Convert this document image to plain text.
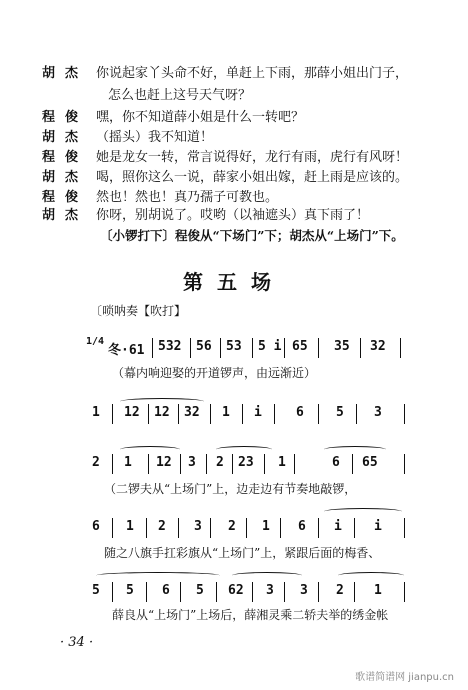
胡杰 你说起家丫头命不好，单赶上下雨，那薛小姐出门子，
怎么也赶上这号天气呀？
程俊 嘿，你不知道薛小姐是什么一转吧？
胡杰 （摇头）我不知道！
程俊 她是龙女一转，常言说得好，龙行有雨，虎行有风呀！
胡杰 喝，照你这么一说，薛家小姐出嫁，赶上雨是应该的。
程俊 然也！然也！真乃孺子可教也。
胡杰 你呀，别胡说了。哎哟（以袖遮头）真下雨了！
〔小锣打下〕程俊从“下场门”下；胡杰从“上场门”下。
第五场
〔唢呐奏【吹打】
1/4
冬·61 532 56 53 5 i 65 35 32
（幕内响迎娶的开道锣声，由远渐近）
1 12 12 32 1 i	6 5 3
2 1 12 3 2 23 1	6 65
（二锣夫从“上场门”上，边走边有节奏地敲锣，
6 1 2 3 2 1 6 i i
随之八旗手扛彩旗从“上场门”上，紧跟后面的梅香、
5 5 6 5 62 3 3 2 1
薛良从“上场门”上场后，薛湘灵乘二轿夫举的绣金帐
· 34 ·
歌谱简谱网 jianpu.cn
